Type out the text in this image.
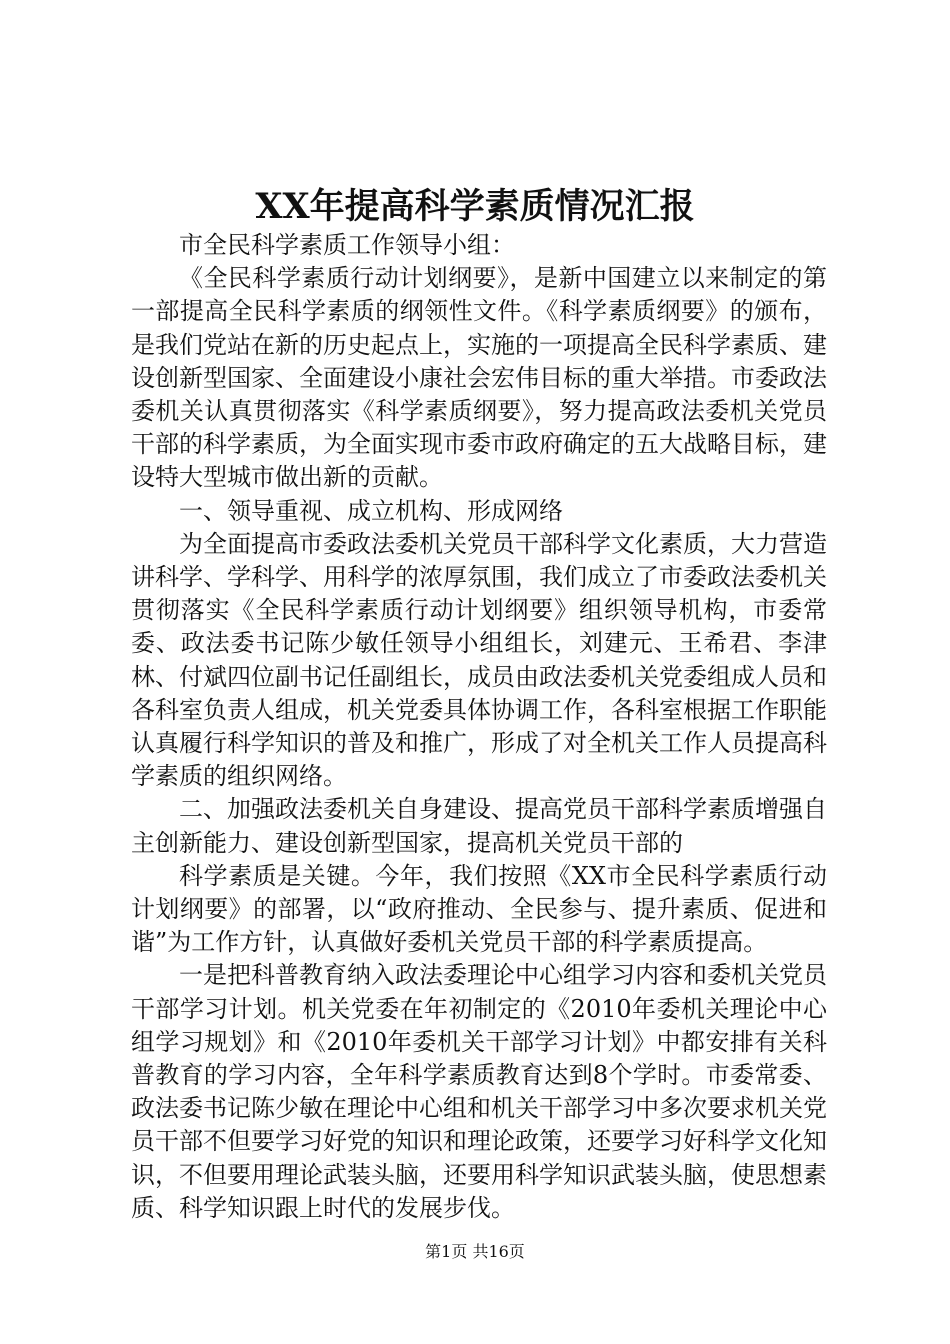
XX年提高科学素质情况汇报

市全民科学素质工作领导小组：

《全民科学素质行动计划纲要》，是新中国建立以来制定的第一部提高全民科学素质的纲领性文件。《科学素质纲要》的颁布，是我们党站在新的历史起点上，实施的一项提高全民科学素质、建设创新型国家、全面建设小康社会宏伟目标的重大举措。市委政法委机关认真贯彻落实《科学素质纲要》，努力提高政法委机关党员干部的科学素质，为全面实现市委市政府确定的五大战略目标，建设特大型城市做出新的贡献。

一、领导重视、成立机构、形成网络

为全面提高市委政法委机关党员干部科学文化素质，大力营造讲科学、学科学、用科学的浓厚氛围，我们成立了市委政法委机关贯彻落实《全民科学素质行动计划纲要》组织领导机构，市委常委、政法委书记陈少敏任领导小组组长，刘建元、王希君、李津林、付斌四位副书记任副组长，成员由政法委机关党委组成人员和各科室负责人组成，机关党委具体协调工作，各科室根据工作职能认真履行科学知识的普及和推广，形成了对全机关工作人员提高科学素质的组织网络。

二、加强政法委机关自身建设、提高党员干部科学素质增强自主创新能力、建设创新型国家，提高机关党员干部的

科学素质是关键。今年，我们按照《XX市全民科学素质行动计划纲要》的部署，以“政府推动、全民参与、提升素质、促进和谐”为工作方针，认真做好委机关党员干部的科学素质提高。

一是把科普教育纳入政法委理论中心组学习内容和委机关党员干部学习计划。机关党委在年初制定的《2010年委机关理论中心组学习规划》和《2010年委机关干部学习计划》中都安排有关科普教育的学习内容，全年科学素质教育达到8个学时。市委常委、政法委书记陈少敏在理论中心组和机关干部学习中多次要求机关党员干部不但要学习好党的知识和理论政策，还要学习好科学文化知识，不但要用理论武装头脑，还要用科学知识武装头脑，使思想素质、科学知识跟上时代的发展步伐。

第1页 共16页
